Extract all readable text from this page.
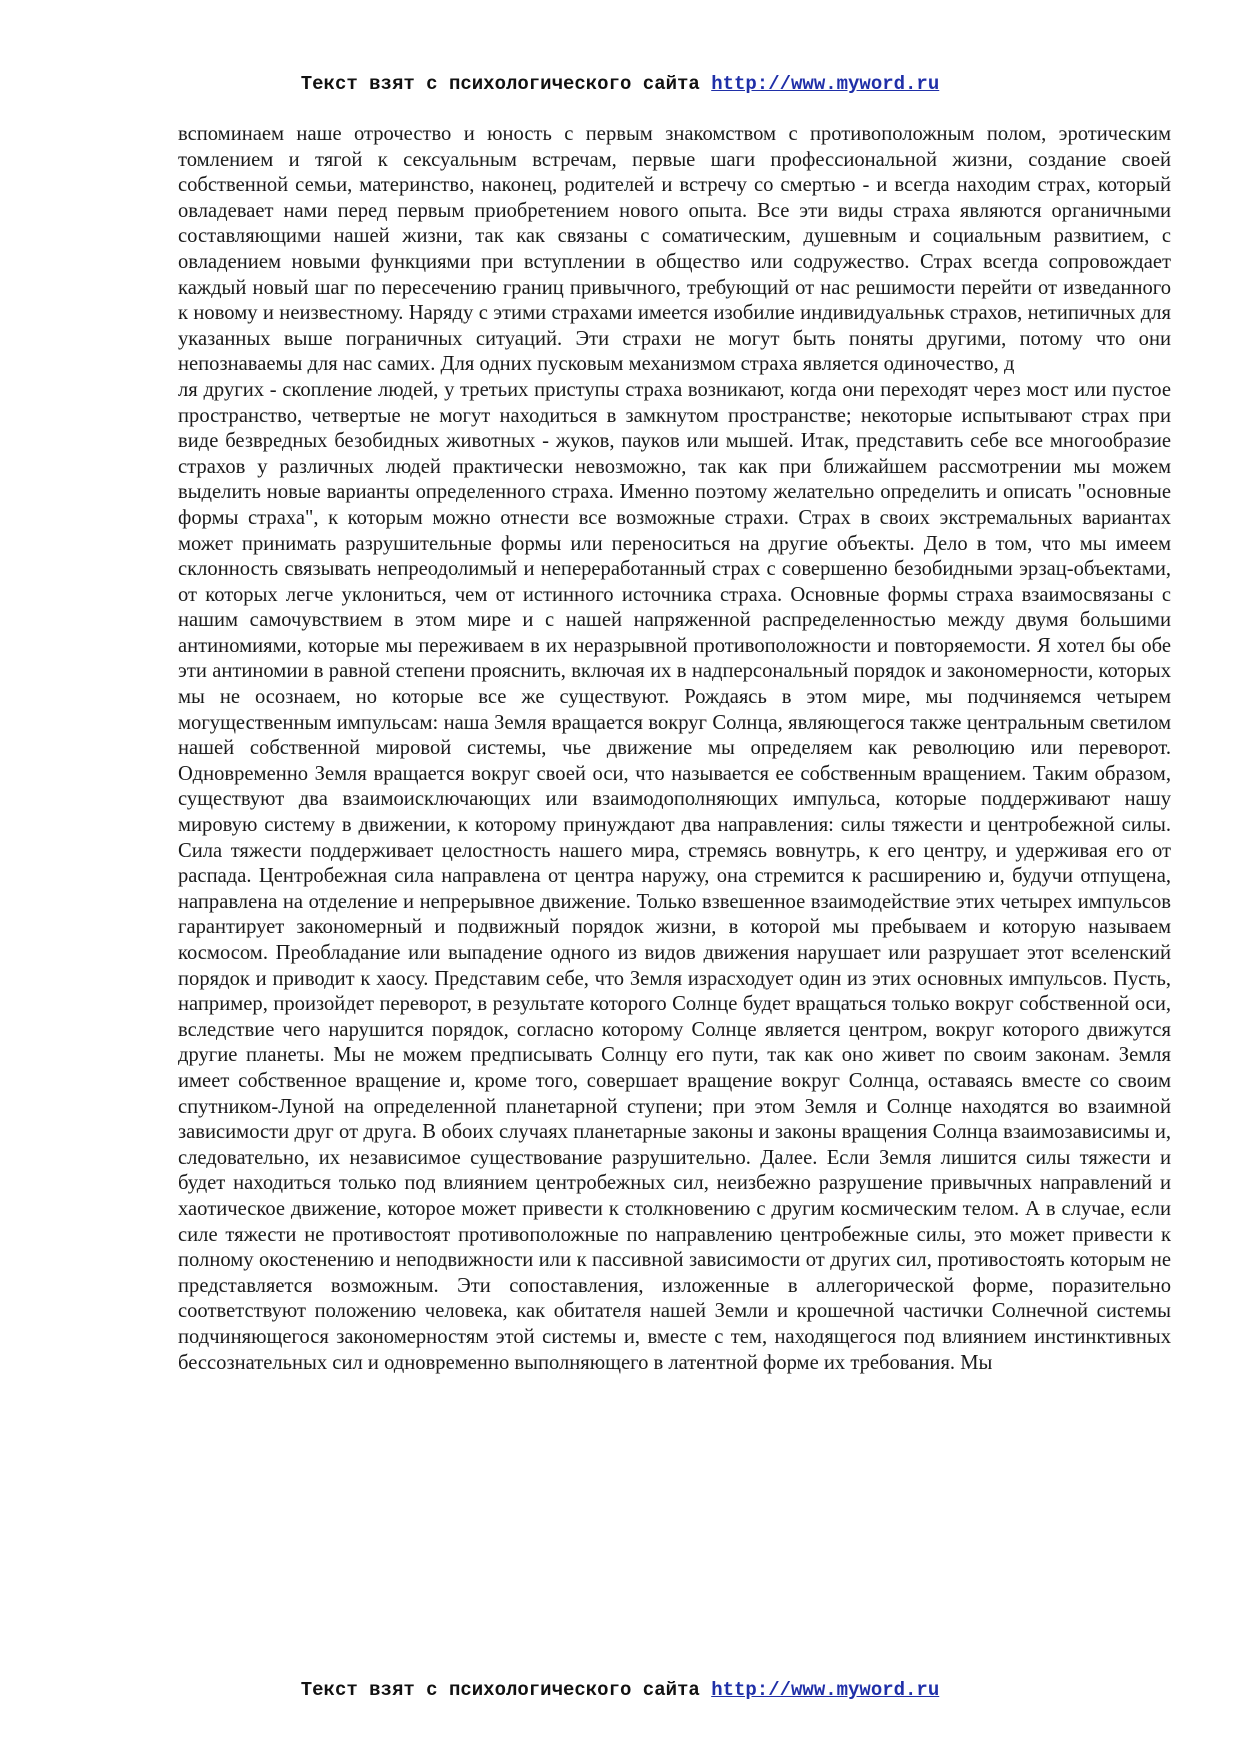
Текст взят с психологического сайта http://www.myword.ru

вспоминаем наше отрочество и юность с первым знакомством с противоположным полом, эротическим томлением и тягой к сексуальным встречам, первые шаги профессиональной жизни, создание своей собственной семьи, материнство, наконец, родителей и встречу со смертью - и всегда находим страх, который овладевает нами перед первым приобретением нового опыта. Все эти виды страха являются органичными составляющими нашей жизни, так как связаны с соматическим, душевным и социальным развитием, с овладением новыми функциями при вступлении в общество или содружество. Страх всегда сопровождает каждый новый шаг по пересечению границ привычного, требующий от нас решимости перейти от изведанного к новому и неизвестному. Наряду с этими страхами имеется изобилие индивидуальньк страхов, нетипичных для указанных выше пограничных ситуаций. Эти страхи не могут быть поняты другими, потому что они непознаваемы для нас самих. Для одних пусковым механизмом страха является одиночество, д

ля других - скопление людей, у третьих приступы страха возникают, когда они переходят через мост или пустое пространство, четвертые не могут находиться в замкнутом пространстве; некоторые испытывают страх при виде безвредных безобидных животных - жуков, пауков или мышей. Итак, представить себе все многообразие страхов у различных людей практически невозможно, так как при ближайшем рассмотрении мы можем выделить новые варианты определенного страха. Именно поэтому желательно определить и описать "основные формы страха", к которым можно отнести все возможные страхи. Страх в своих экстремальных вариантах может принимать разрушительные формы или переноситься на другие объекты. Дело в том, что мы имеем склонность связывать непреодолимый и непереработанный страх с совершенно безобидными эрзац-объектами, от которых легче уклониться, чем от истинного источника страха. Основные формы страха взаимосвязаны с нашим самочувствием в этом мире и с нашей напряженной распределенностью между двумя большими антиномиями, которые мы переживаем в их неразрывной противоположности и повторяемости. Я хотел бы обе эти антиномии в равной степени прояснить, включая их в надперсональный порядок и закономерности, которых мы не осознаем, но которые все же существуют. Рождаясь в этом мире, мы подчиняемся четырем могущественным импульсам: наша Земля вращается вокруг Солнца, являющегося также центральным светилом нашей собственной мировой системы, чье движение мы определяем как революцию или переворот. Одновременно Земля вращается вокруг своей оси, что называется ее собственным вращением. Таким образом, существуют два взаимоисключающих или взаимодополняющих импульса, которые поддерживают нашу мировую систему в движении, к которому принуждают два направления: силы тяжести и центробежной силы. Сила тяжести поддерживает целостность нашего мира, стремясь вовнутрь, к его центру, и удерживая его от распада. Центробежная сила направлена от центра наружу, она стремится к расширению и, будучи отпущена, направлена на отделение и непрерывное движение. Только взвешенное взаимодействие этих четырех импульсов гарантирует закономерный и подвижный порядок жизни, в которой мы пребываем и которую называем космосом. Преобладание или выпадение одного из видов движения нарушает или разрушает этот вселенский порядок и приводит к хаосу. Представим себе, что Земля израсходует один из этих основных импульсов. Пусть, например, произойдет переворот, в результате которого Солнце будет вращаться только вокруг собственной оси, вследствие чего нарушится порядок, согласно которому Солнце является центром, вокруг которого движутся другие планеты. Мы не можем предписывать Солнцу его пути, так как оно живет по своим законам. Земля имеет собственное вращение и, кроме того, совершает вращение вокруг Солнца, оставаясь вместе со своим спутником-Луной на определенной планетарной ступени; при этом Земля и Солнце находятся во взаимной зависимости друг от друга. В обоих случаях планетарные законы и законы вращения Солнца взаимозависимы и, следовательно, их независимое существование разрушительно. Далее. Если Земля лишится силы тяжести и будет находиться только под влиянием центробежных сил, неизбежно разрушение привычных направлений и хаотическое движение, которое может привести к столкновению с другим космическим телом. А в случае, если силе тяжести не противостоят противоположные по направлению центробежные силы, это может привести к полному окостенению и неподвижности или к пассивной зависимости от других сил, противостоять которым не представляется возможным. Эти сопоставления, изложенные в аллегорической форме, поразительно соответствуют положению человека, как обитателя нашей Земли и крошечной частички Солнечной системы подчиняющегося закономерностям этой системы и, вместе с тем, находящегося под влиянием инстинктивных бессознательных сил и одновременно выполняющего в латентной форме их требования. Мы

Текст взят с психологического сайта http://www.myword.ru
